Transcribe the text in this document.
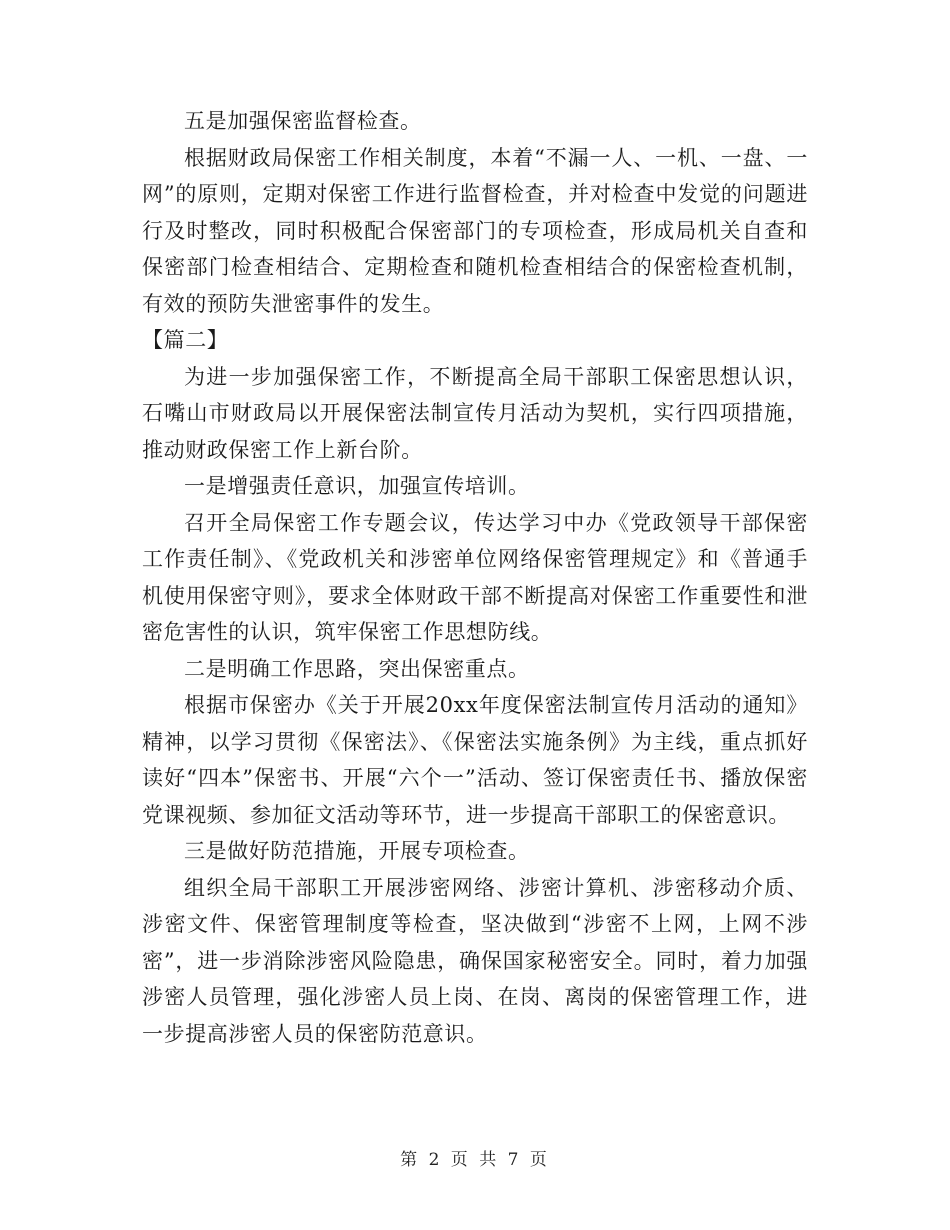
五是加强保密监督检查。

根据财政局保密工作相关制度，本着“不漏一人、一机、一盘、一网”的原则，定期对保密工作进行监督检查，并对检查中发觉的问题进行及时整改，同时积极配合保密部门的专项检查，形成局机关自查和保密部门检查相结合、定期检查和随机检查相结合的保密检查机制，有效的预防失泄密事件的发生。

【篇二】

为进一步加强保密工作，不断提高全局干部职工保密思想认识，石嘴山市财政局以开展保密法制宣传月活动为契机，实行四项措施，推动财政保密工作上新台阶。

一是增强责任意识，加强宣传培训。

召开全局保密工作专题会议，传达学习中办《党政领导干部保密工作责任制》、《党政机关和涉密单位网络保密管理规定》和《普通手机使用保密守则》，要求全体财政干部不断提高对保密工作重要性和泄密危害性的认识，筑牢保密工作思想防线。

二是明确工作思路，突出保密重点。

根据市保密办《关于开展20xx年度保密法制宣传月活动的通知》精神，以学习贯彻《保密法》、《保密法实施条例》为主线，重点抓好读好“四本”保密书、开展“六个一”活动、签订保密责任书、播放保密党课视频、参加征文活动等环节，进一步提高干部职工的保密意识。

三是做好防范措施，开展专项检查。

组织全局干部职工开展涉密网络、涉密计算机、涉密移动介质、涉密文件、保密管理制度等检查，坚决做到“涉密不上网，上网不涉密”，进一步消除涉密风险隐患，确保国家秘密安全。同时，着力加强涉密人员管理，强化涉密人员上岗、在岗、离岗的保密管理工作，进一步提高涉密人员的保密防范意识。

第 2 页 共 7 页
